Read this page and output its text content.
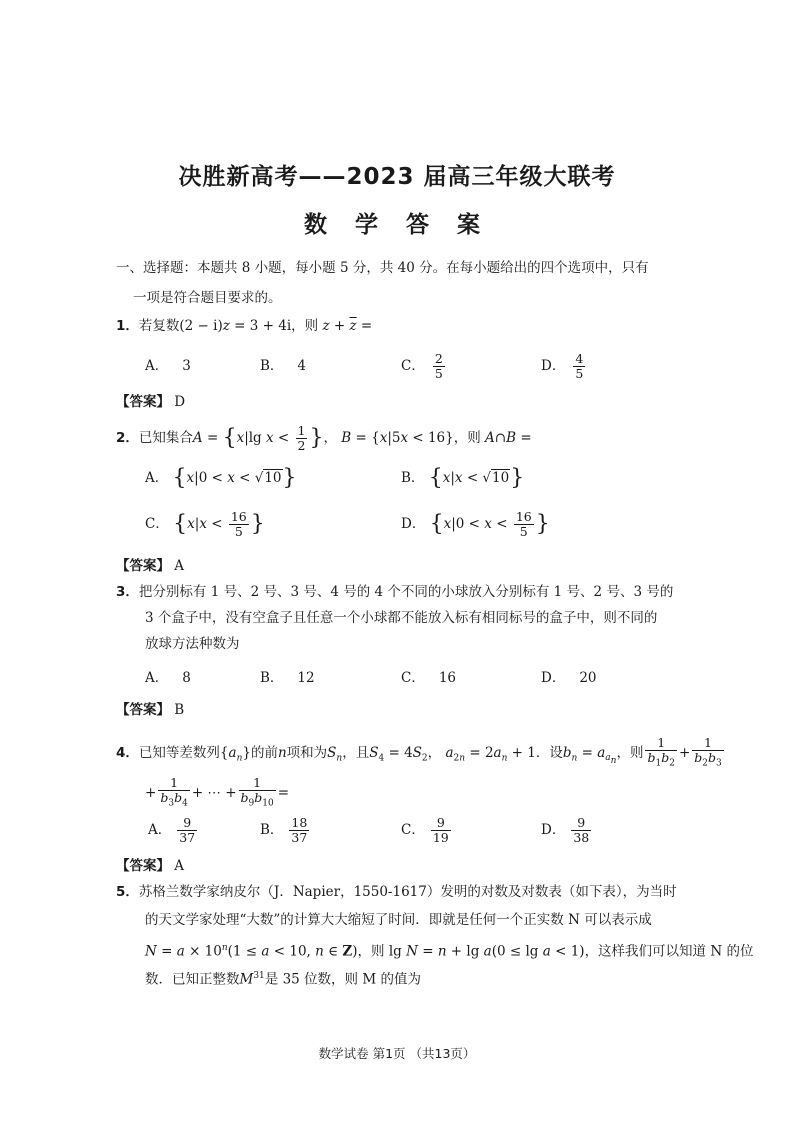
决胜新高考——2023 届高三年级大联考
数 学 答 案
一、选择题：本题共 8 小题，每小题 5 分，共 40 分。在每小题给出的四个选项中，只有
一项是符合题目要求的。
1．若复数(2 − i)z = 3 + 4i，则 $z + \overline{z}$ =
A． 3	B． 4	C． $\frac{2}{5}$	D． $\frac{4}{5}$
【答案】 D
2．已知集合A = {x|lg $x < \frac{1}{2}$ }， B = {x|5x < 16}，则 A∩B =
A． {x|0 < x < √10}	B． {x|x < √10}
C． {$x|x < \frac{16}{5}$ }	D． {$x|0 < x < \frac{16}{5}$ }
【答案】 A
3．把分别标有 1 号、2 号、3 号、4 号的 4 个不同的小球放入分别标有 1 号、2 号、3 号的
3 个盒子中，没有空盒子且任意一个小球都不能放入标有相同标号的盒子中，则不同的
放球方法种数为
A． 8	B． 12	C． 16	D． 20
【答案】 B
4．已知等差数列$\{a_n\}$的前n项和为$S_n$，且$S_4 = 4S_2$， $a_{2n} = 2a_n + 1$．设$b_n = a_{a_n}$，则 $\frac{1}{b_1b_2} + \frac{1}{b_2b_3}$
+ $\frac{1}{b_3b_4}$ + ⋯ + $\frac{1}{b_9b_{10}}$ =
A． $\frac{9}{37}$	B． $\frac{18}{37}$	C． $\frac{9}{19}$	D． $\frac{9}{38}$
【答案】 A
5．苏格兰数学家纳皮尔（J．Napier，1550-1617）发明的对数及对数表（如下表），为当时
的天文学家处理“大数”的计算大大缩短了时间．即就是任何一个正实数 N 可以表示成
$N = a \times 10^n(1 \le a < 10$, n ∈ Z)，则 lg N = n + lg a(0 ≤ lg a < 1)，这样我们可以知道 N 的位
数．已知正整数$M^{31}$是 35 位数，则 M 的值为
数学试卷 第1页 （共13页）
